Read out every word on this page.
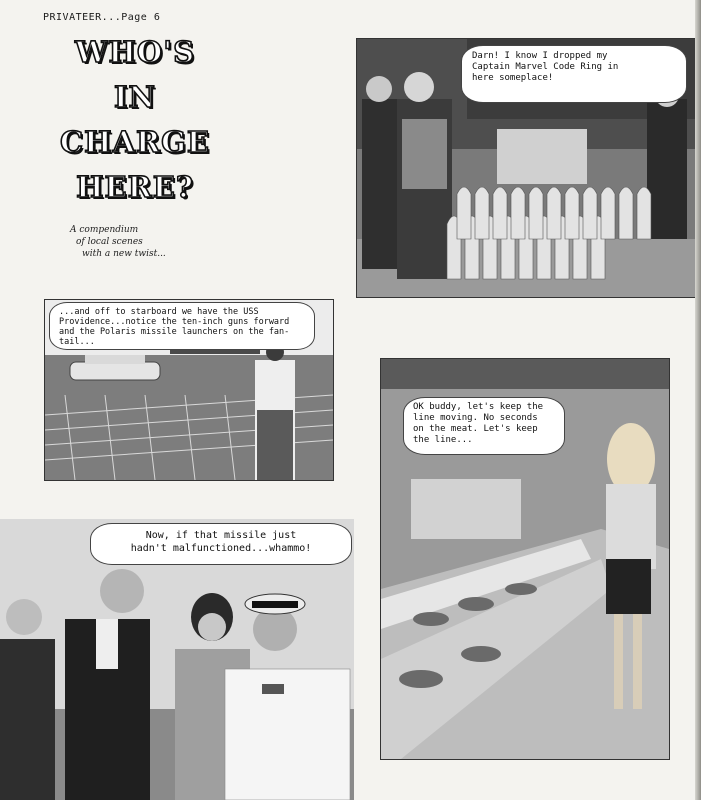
PRIVATEER...Page 6
WHO'S
IN
CHARGE
HERE?
A compendium
of local scenes
with a new twist...
Darn! I know I dropped my
Captain Marvel Code Ring in
here someplace!
...and off to starboard we have the USS
Providence...notice the ten-inch guns forward
and the Polaris missile launchers on the fan-
tail...
OK buddy, let's keep the
line moving. No seconds
on the meat. Let's keep
the line...
Now, if that missile just
hadn't malfunctioned...whammo!
